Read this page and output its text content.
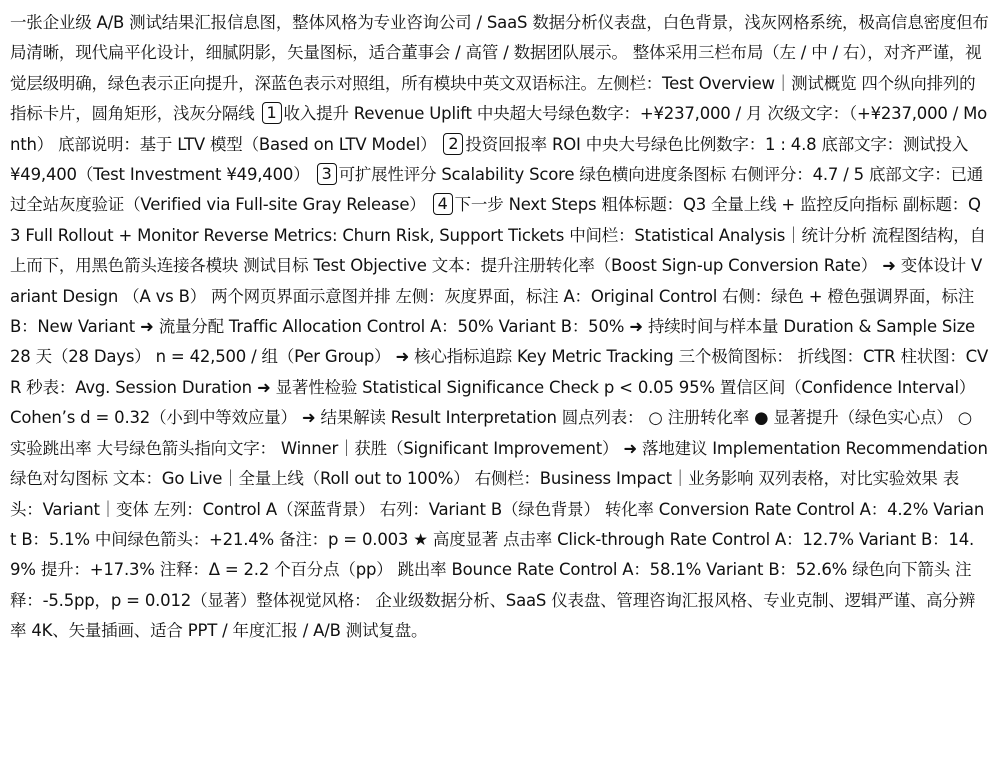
一张企业级 A/B 测试结果汇报信息图，整体风格为专业咨询公司 / SaaS 数据分析仪表盘，白色背景，浅灰网格系统，极高信息密度但布局清晰，现代扁平化设计，细腻阴影，矢量图标，适合董事会 / 高管 / 数据团队展示。 整体采用三栏布局（左 / 中 / 右），对齐严谨，视觉层级明确，绿色表示正向提升，深蓝色表示对照组，所有模块中英文双语标注。左侧栏：Test Overview｜测试概览 四个纵向排列的指标卡片，圆角矩形，浅灰分隔线 1 收入提升 Revenue Uplift 中央超大号绿色数字：+¥237,000 / 月 次级文字：（+¥237,000 / Month） 底部说明：基于 LTV 模型（Based on LTV Model） 2 投资回报率 ROI 中央大号绿色比例数字：1 : 4.8 底部文字：测试投入 ¥49,400（Test Investment ¥49,400） 3 可扩展性评分 Scalability Score 绿色横向进度条图标 右侧评分：4.7 / 5 底部文字：已通过全站灰度验证（Verified via Full-site Gray Release） 4 下一步 Next Steps 粗体标题：Q3 全量上线 + 监控反向指标 副标题：Q3 Full Rollout + Monitor Reverse Metrics: Churn Risk, Support Tickets 中间栏：Statistical Analysis｜统计分析 流程图结构，自上而下，用黑色箭头连接各模块 测试目标 Test Objective 文本：提升注册转化率（Boost Sign-up Conversion Rate） ➜ 变体设计 Variant Design （A vs B） 两个网页界面示意图并排 左侧：灰度界面，标注 A：Original Control 右侧：绿色 + 橙色强调界面，标注 B：New Variant ➜ 流量分配 Traffic Allocation Control A：50% Variant B：50% ➜ 持续时间与样本量 Duration & Sample Size 28 天（28 Days） n = 42,500 / 组（Per Group） ➜ 核心指标追踪 Key Metric Tracking 三个极简图标： 折线图：CTR 柱状图：CVR 秒表：Avg. Session Duration ➜ 显著性检验 Statistical Significance Check p < 0.05 95% 置信区间（Confidence Interval） Cohen’s d = 0.32（小到中等效应量） ➜ 结果解读 Result Interpretation 圆点列表： ○ 注册转化率 ● 显著提升（绿色实心点） ○ 实验跳出率 大号绿色箭头指向文字： Winner｜获胜（Significant Improvement） ➜ 落地建议 Implementation Recommendation 绿色对勾图标 文本：Go Live｜全量上线（Roll out to 100%） 右侧栏：Business Impact｜业务影响 双列表格，对比实验效果 表头：Variant｜变体 左列：Control A（深蓝背景） 右列：Variant B（绿色背景） 转化率 Conversion Rate Control A：4.2% Variant B：5.1% 中间绿色箭头：+21.4% 备注：p = 0.003 ★ 高度显著 点击率 Click-through Rate Control A：12.7% Variant B：14.9% 提升：+17.3% 注释：Δ = 2.2 个百分点（pp） 跳出率 Bounce Rate Control A：58.1% Variant B：52.6% 绿色向下箭头 注释：-5.5pp，p = 0.012（显著）整体视觉风格： 企业级数据分析、SaaS 仪表盘、管理咨询汇报风格、专业克制、逻辑严谨、高分辨率 4K、矢量插画、适合 PPT / 年度汇报 / A/B 测试复盘。
